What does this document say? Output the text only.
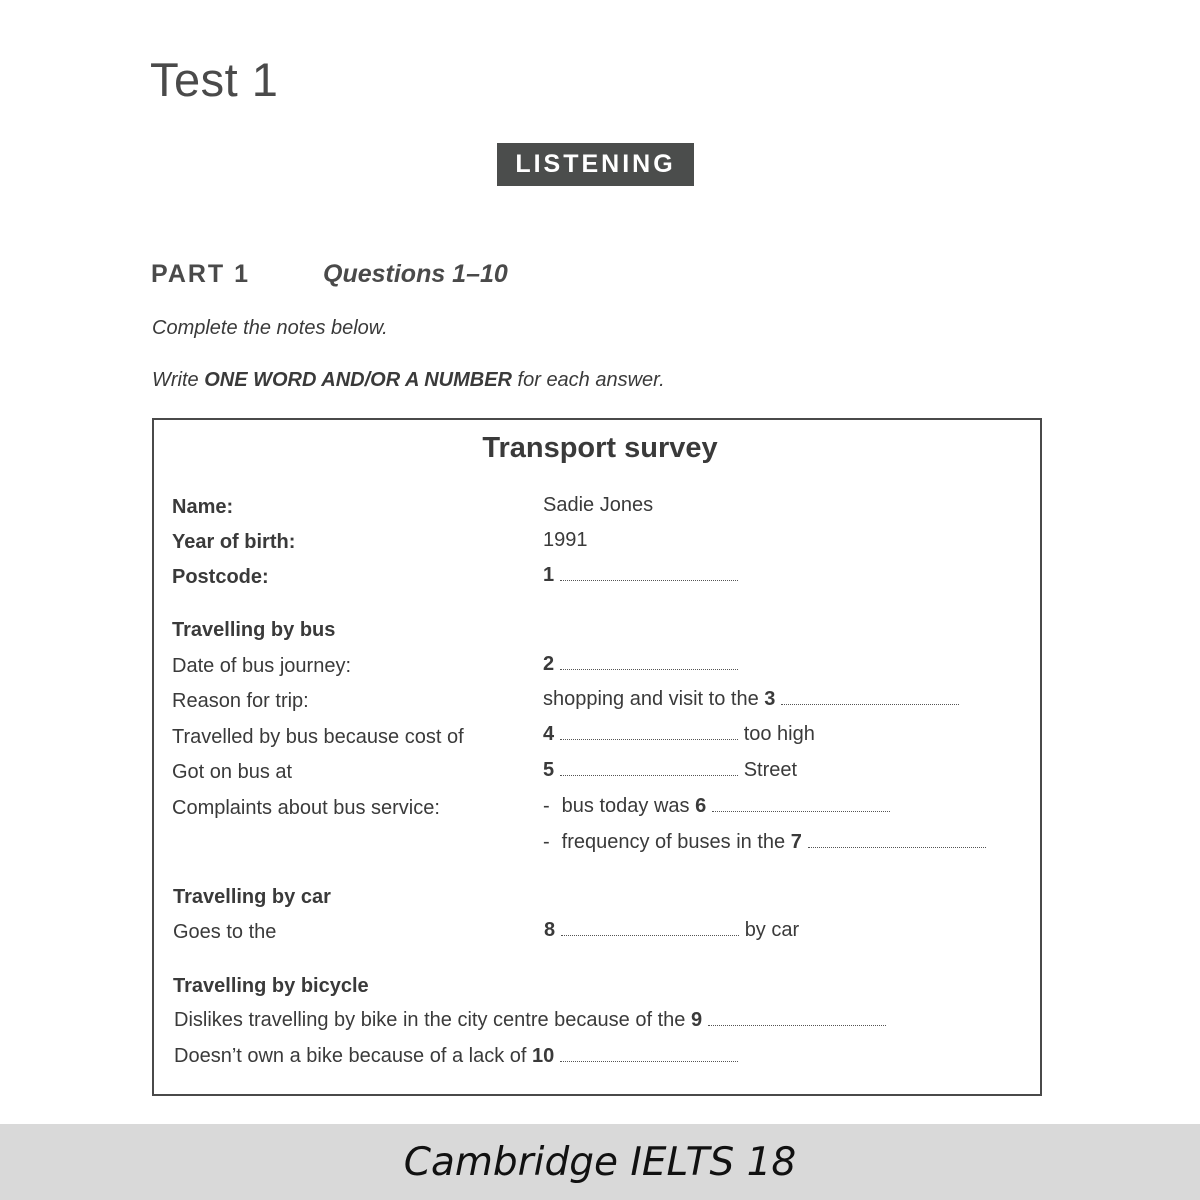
Test 1
LISTENING
PART 1	Questions 1–10
Complete the notes below.
Write ONE WORD AND/OR A NUMBER for each answer.
Transport survey
Name:	Sadie Jones
Year of birth:	1991
Postcode:	1
Travelling by bus
Date of bus journey:	2
Reason for trip:	shopping and visit to the 3
Travelled by bus because cost of	4	too high
Got on bus at	5	Street
Complaints about bus service:	- bus today was 6
- frequency of buses in the 7
Travelling by car
Goes to the	8	by car
Travelling by bicycle
Dislikes travelling by bike in the city centre because of the 9
Doesn’t own a bike because of a lack of 10
Cambridge IELTS 18
